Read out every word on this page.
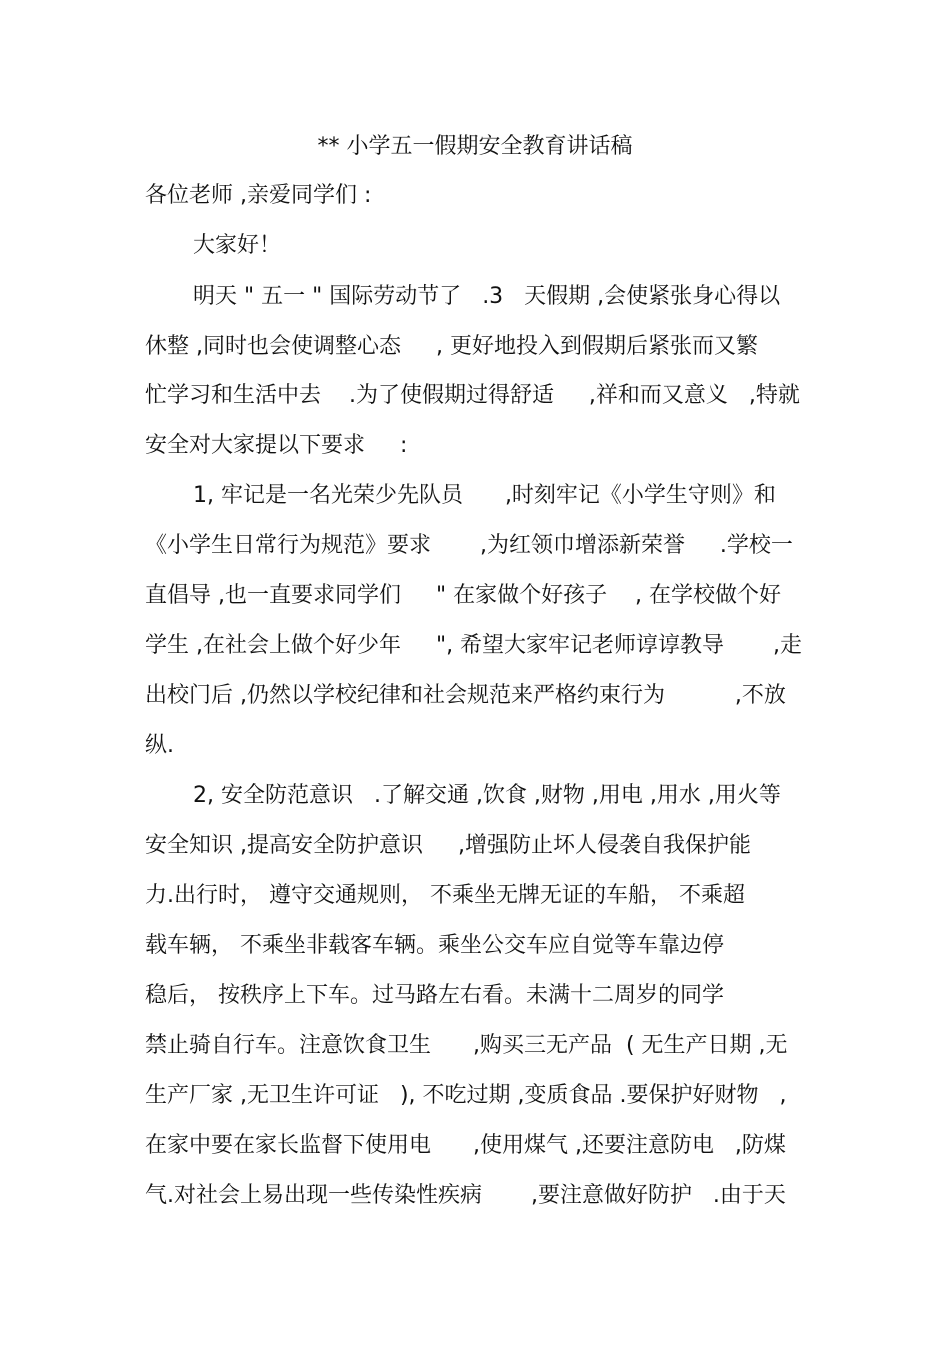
** 小学五一假期安全教育讲话稿
各位老师 ,亲爱同学们 :
大家好！
明天 " 五一 " 国际劳动节了   .3   天假期 ,会使紧张身心得以
休整 ,同时也会使调整心态     , 更好地投入到假期后紧张而又繁
忙学习和生活中去    .为了使假期过得舒适     ,祥和而又意义   ,特就
安全对大家提以下要求     :
1, 牢记是一名光荣少先队员      ,时刻牢记《小学生守则》和
《小学生日常行为规范》要求       ,为红领巾增添新荣誉     .学校一
直倡导 ,也一直要求同学们     " 在家做个好孩子    , 在学校做个好
学生 ,在社会上做个好少年     ", 希望大家牢记老师谆谆教导       ,走
出校门后 ,仍然以学校纪律和社会规范来严格约束行为          ,不放
纵.
2, 安全防范意识   .了解交通 ,饮食 ,财物 ,用电 ,用水 ,用火等
安全知识 ,提高安全防护意识     ,增强防止坏人侵袭自我保护能
力.出行时， 遵守交通规则， 不乘坐无牌无证的车船， 不乘超
载车辆， 不乘坐非载客车辆。乘坐公交车应自觉等车靠边停
稳后， 按秩序上下车。过马路左右看。未满十二周岁的同学
禁止骑自行车。注意饮食卫生      ,购买三无产品  ( 无生产日期 ,无
生产厂家 ,无卫生许可证   ), 不吃过期 ,变质食品 .要保护好财物   ,
在家中要在家长监督下使用电      ,使用煤气 ,还要注意防电   ,防煤
气.对社会上易出现一些传染性疾病       ,要注意做好防护   .由于天
